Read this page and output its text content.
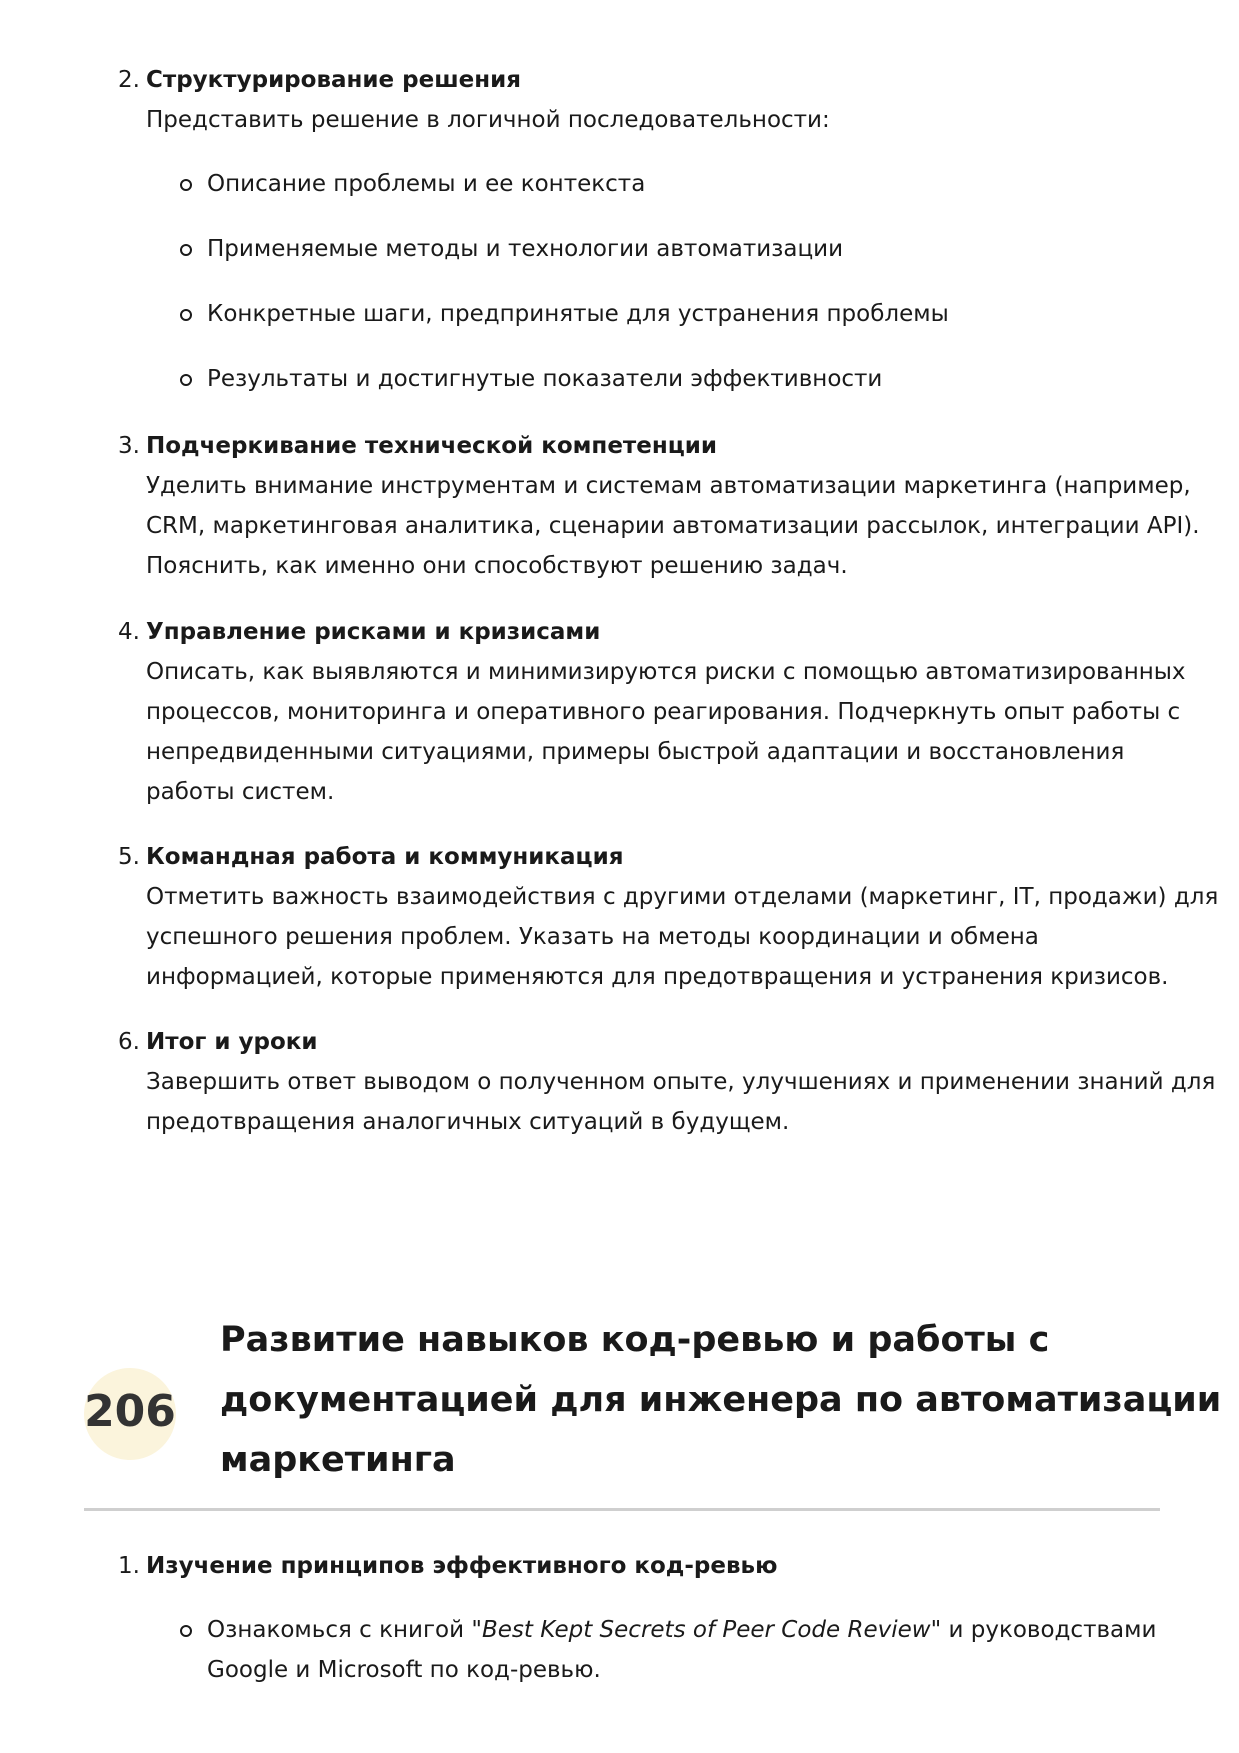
2. Структурирование решения
Представить решение в логичной последовательности:
Описание проблемы и ее контекста
Применяемые методы и технологии автоматизации
Конкретные шаги, предпринятые для устранения проблемы
Результаты и достигнутые показатели эффективности
3. Подчеркивание технической компетенции
Уделить внимание инструментам и системам автоматизации маркетинга (например,
CRM, маркетинговая аналитика, сценарии автоматизации рассылок, интеграции API).
Пояснить, как именно они способствуют решению задач.
4. Управление рисками и кризисами
Описать, как выявляются и минимизируются риски с помощью автоматизированных
процессов, мониторинга и оперативного реагирования. Подчеркнуть опыт работы с
непредвиденными ситуациями, примеры быстрой адаптации и восстановления
работы систем.
5. Командная работа и коммуникация
Отметить важность взаимодействия с другими отделами (маркетинг, IT, продажи) для
успешного решения проблем. Указать на методы координации и обмена
информацией, которые применяются для предотвращения и устранения кризисов.
6. Итог и уроки
Завершить ответ выводом о полученном опыте, улучшениях и применении знаний для
предотвращения аналогичных ситуаций в будущем.
206
Развитие навыков код-ревью и работы с
документацией для инженера по автоматизации
маркетинга
1. Изучение принципов эффективного код-ревью
Ознакомься с книгой "Best Kept Secrets of Peer Code Review" и руководствами
Google и Microsoft по код-ревью.
